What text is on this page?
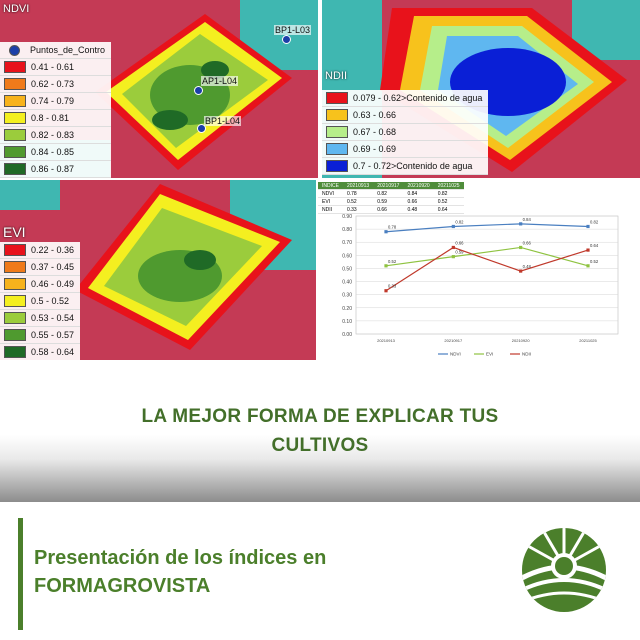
NDVI
Puntos_de_Contro
0.41 - 0.61
0.62 - 0.73
0.74 - 0.79
0.8 - 0.81
0.82 - 0.83
0.84 - 0.85
0.86 - 0.87
BP1-L03
AP1-L04
BP1-L04
NDII
0.079 - 0.62>Contenido de agua
0.63 - 0.66
0.67 - 0.68
0.69 - 0.69
0.7 - 0.72>Contenido de agua
EVI
0.22 - 0.36
0.37 - 0.45
0.46 - 0.49
0.5 - 0.52
0.53 - 0.54
0.55 - 0.57
0.58 - 0.64
INDICE	20210913	20210917	20210920	20211025
NDVI	0.78	0.82	0.84	0.82
EVI	0.52	0.59	0.66	0.52
NDII	0.33	0.66	0.48	0.64
0.00
0.10
0.20
0.30
0.40
0.50
0.60
0.70
0.80
0.90
20210913	20210917	20210920	20211025
0.78
0.82
0.84
0.82
NDVI
0.52
0.59
0.66
0.52
EVI
0.33
0.66
0.48
0.64
NDII
LA MEJOR FORMA DE EXPLICAR TUS
CULTIVOS
Presentación de los índices en
FORMAGROVISTA
